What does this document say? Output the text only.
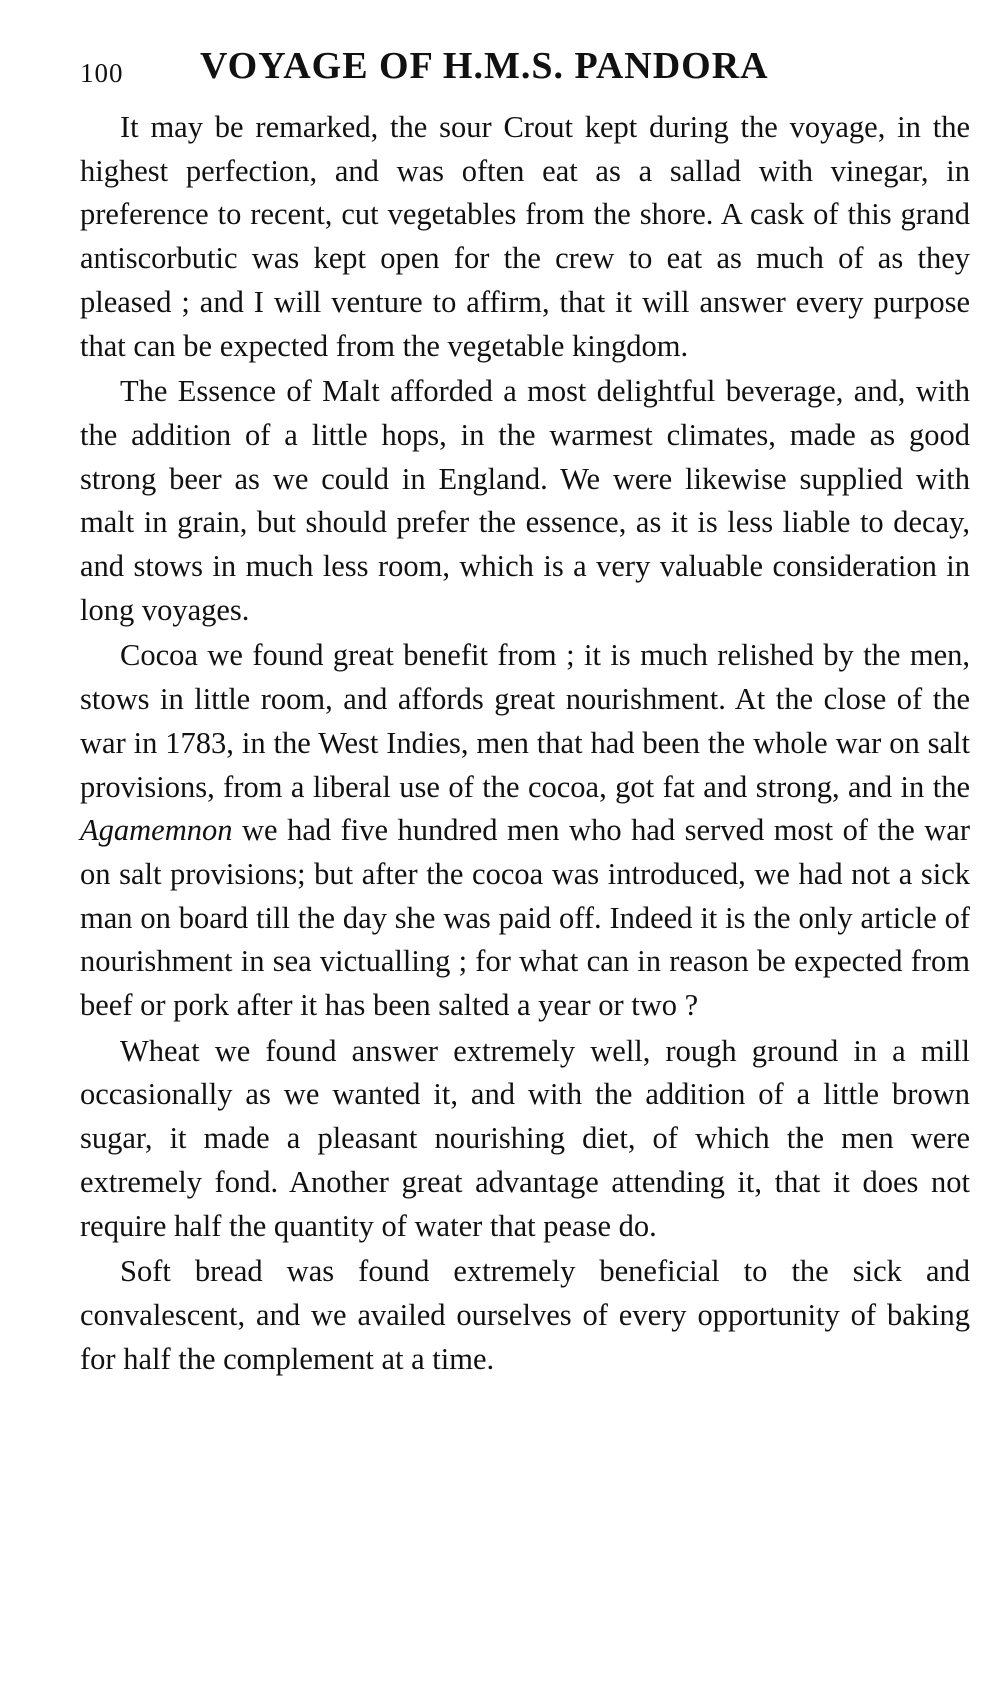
100 VOYAGE OF H.M.S. PANDORA

It may be remarked, the sour Crout kept during the voyage, in the highest perfection, and was often eat as a sallad with vinegar, in preference to recent, cut vegetables from the shore. A cask of this grand antiscorbutic was kept open for the crew to eat as much of as they pleased ; and I will venture to affirm, that it will answer every purpose that can be expected from the vegetable kingdom.

The Essence of Malt afforded a most delightful beverage, and, with the addition of a little hops, in the warmest climates, made as good strong beer as we could in England. We were likewise supplied with malt in grain, but should prefer the essence, as it is less liable to decay, and stows in much less room, which is a very valuable consideration in long voyages.

Cocoa we found great benefit from ; it is much relished by the men, stows in little room, and affords great nourishment. At the close of the war in 1783, in the West Indies, men that had been the whole war on salt provisions, from a liberal use of the cocoa, got fat and strong, and in the Agamemnon we had five hundred men who had served most of the war on salt provisions; but after the cocoa was introduced, we had not a sick man on board till the day she was paid off. Indeed it is the only article of nourishment in sea victualling ; for what can in reason be expected from beef or pork after it has been salted a year or two ?

Wheat we found answer extremely well, rough ground in a mill occasionally as we wanted it, and with the addition of a little brown sugar, it made a pleasant nourishing diet, of which the men were extremely fond. Another great advantage attending it, that it does not require half the quantity of water that pease do.

Soft bread was found extremely beneficial to the sick and convalescent, and we availed ourselves of every opportunity of baking for half the complement at a time.
